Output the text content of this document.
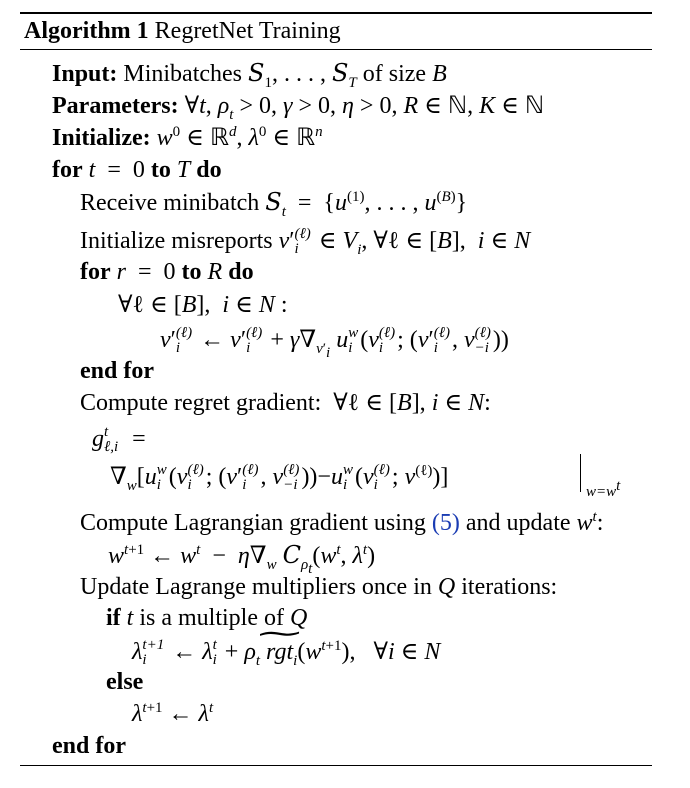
Algorithm 1 RegretNet Training
Input: Minibatches $S_1$, . . . , $S_T$ of size B
Parameters: ∀t, $\rho_t > 0$, γ > 0, η > 0, R ∈ ℕ, K ∈ ℕ
Initialize: $w^0$ ∈ ℝ$^d$, $\lambda^0$ ∈ ℝ$^n$
for t  =  0 to T do
Receive minibatch $S_t = \{u^{(1)}$, . . . , $u^{(B)}$}
Initialize misreports v′ (ℓ)
i ∈ $V_i$, ∀ℓ ∈ [B],  i ∈ N
for r  =  0 to R do
∀ℓ ∈ [B],  i ∈ N :
v′ (ℓ)
i ← v′ (ℓ)
$i + \gamma\nabla_{v'_i}$ u w
i (v (ℓ)
i ; (v′ (ℓ)
i , v (ℓ)
−i ))
end for
Compute regret gradient:  ∀ℓ ∈ [B], i ∈ N:
g t
ℓ,i =
$\nabla_w[u$ w
i (v (ℓ)
i ; (v′ (ℓ)
i , v (ℓ)
−i ))−u w
i (v (ℓ)
i ; $v^{(\ell)}$)]
$w=w^t$
Compute Lagrangian gradient using (5) and update $w^t$:
$w^{t+1}$ ← $w^t - \eta\nabla_w$ $C_{\rho_t}(w^t$, $\lambda^t$)
Update Lagrange multipliers once in Q iterations:
if t is a multiple of Q
λ t+1
i ← λ t
$i + \rho_t$ ∼ $rgt_i(w^{t+1})$,   ∀i ∈ N
else
$\lambda^{t+1}$ ← $\lambda^t$
end for
